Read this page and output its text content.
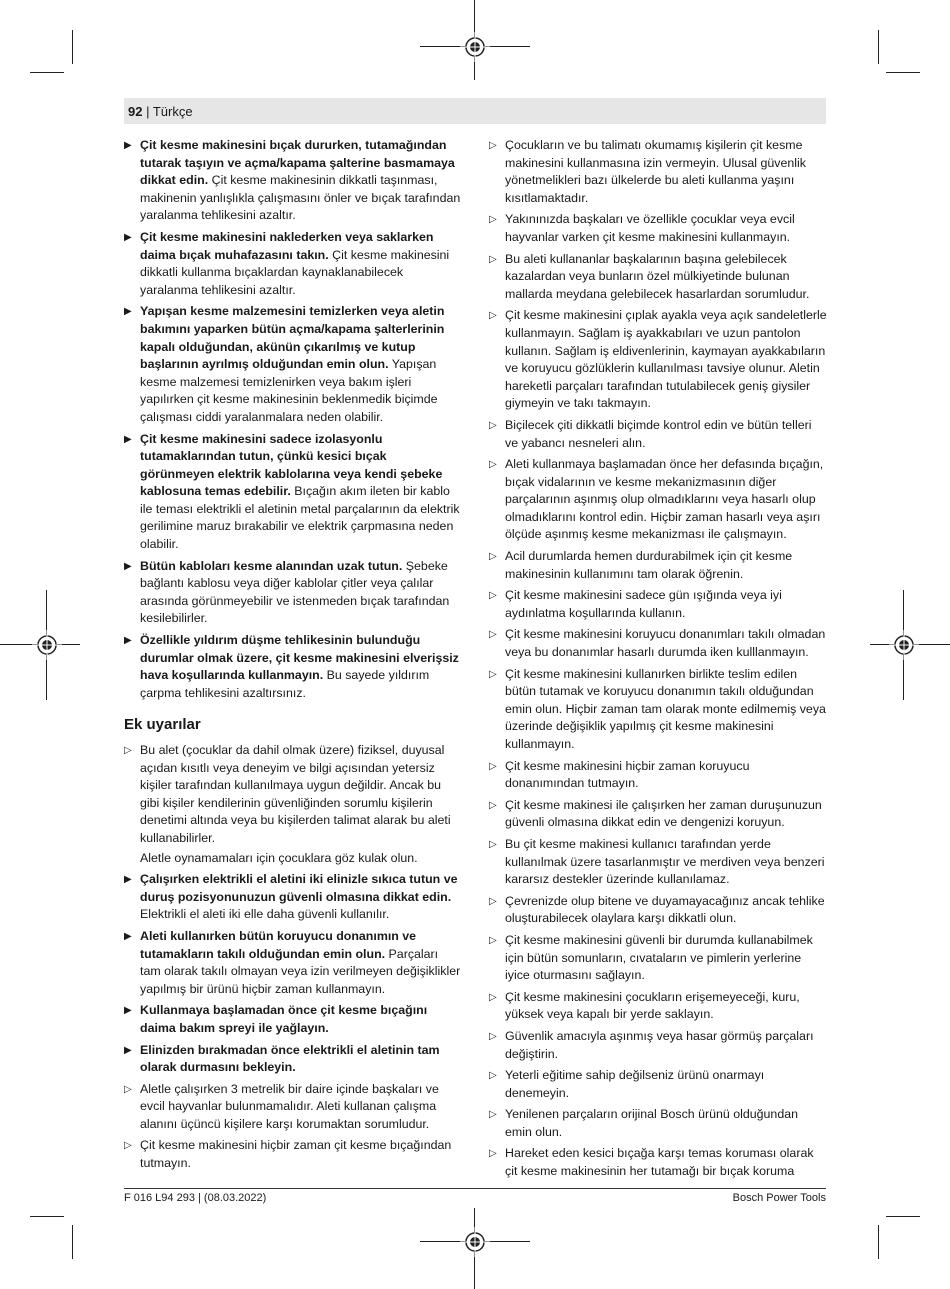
92 | Türkçe
▶ Çit kesme makinesini bıçak dururken, tutamağından tutarak taşıyın ve açma/kapama şalterine basmamaya dikkat edin. Çit kesme makinesinin dikkatli taşınması, makinenin yanlışlıkla çalışmasını önler ve bıçak tarafından yaralanma tehlikesini azaltır.
▶ Çit kesme makinesini naklederken veya saklarken daima bıçak muhafazasını takın. Çit kesme makinesini dikkatli kullanma bıçaklardan kaynaklanabilecek yaralanma tehlikesini azaltır.
▶ Yapışan kesme malzemesini temizlerken veya aletin bakımını yaparken bütün açma/kapama şalterlerinin kapalı olduğundan, akünün çıkarılmış ve kutup başlarının ayrılmış olduğundan emin olun. Yapışan kesme malzemesi temizlenirken veya bakım işleri yapılırken çit kesme makinesinin beklenmedik biçimde çalışması ciddi yaralanmalara neden olabilir.
▶ Çit kesme makinesini sadece izolasyonlu tutamaklarından tutun, çünkü kesici bıçak görünmeyen elektrik kablolarına veya kendi şebeke kablosuna temas edebilir. Bıçağın akım ileten bir kablo ile teması elektrikli el aletinin metal parçalarının da elektrik gerilimine maruz bırakabilir ve elektrik çarpmasına neden olabilir.
▶ Bütün kabloları kesme alanından uzak tutun. Şebeke bağlantı kablosu veya diğer kablolar çitler veya çalılar arasında görünmeyebilir ve istenmeden bıçak tarafından kesilebilirler.
▶ Özellikle yıldırım düşme tehlikesinin bulunduğu durumlar olmak üzere, çit kesme makinesini elverişsiz hava koşullarında kullanmayın. Bu sayede yıldırım çarpma tehlikesini azaltırsınız.
Ek uyarılar
▷ Bu alet (çocuklar da dahil olmak üzere) fiziksel, duyusal açıdan kısıtlı veya deneyim ve bilgi açısından yetersiz kişiler tarafından kullanılmaya uygun değildir. Ancak bu gibi kişiler kendilerinin güvenliğinden sorumlu kişilerin denetimi altında veya bu kişilerden talimat alarak bu aleti kullanabilirler.
Aletle oynamamaları için çocuklara göz kulak olun.
▶ Çalışırken elektrikli el aletini iki elinizle sıkıca tutun ve duruş pozisyonunuzun güvenli olmasına dikkat edin. Elektrikli el aleti iki elle daha güvenli kullanılır.
▶ Aleti kullanırken bütün koruyucu donanımın ve tutamakların takılı olduğundan emin olun. Parçaları tam olarak takılı olmayan veya izin verilmeyen değişiklikler yapılmış bir ürünü hiçbir zaman kullanmayın.
▶ Kullanmaya başlamadan önce çit kesme bıçağını daima bakım spreyi ile yağlayın.
▶ Elinizden bırakmadan önce elektrikli el aletinin tam olarak durmasını bekleyin.
▷ Aletle çalışırken 3 metrelik bir daire içinde başkaları ve evcil hayvanlar bulunmamalıdır. Aleti kullanan çalışma alanını üçüncü kişilere karşı korumaktan sorumludur.
▷ Çit kesme makinesini hiçbir zaman çit kesme bıçağından tutmayın.
▷ Çocukların ve bu talimatı okumamış kişilerin çit kesme makinesini kullanmasına izin vermeyin. Ulusal güvenlik yönetmelikleri bazı ülkelerde bu aleti kullanma yaşını kısıtlamaktadır.
▷ Yakınınızda başkaları ve özellikle çocuklar veya evcil hayvanlar varken çit kesme makinesini kullanmayın.
▷ Bu aleti kullananlar başkalarının başına gelebilecek kazalardan veya bunların özel mülkiyetinde bulunan mallarda meydana gelebilecek hasarlardan sorumludur.
▷ Çit kesme makinesini çıplak ayakla veya açık sandeletlerle kullanmayın. Sağlam iş ayakkabıları ve uzun pantolon kullanın. Sağlam iş eldivenlerinin, kaymayan ayakkabıların ve koruyucu gözlüklerin kullanılması tavsiye olunur. Aletin hareketli parçaları tarafından tutulabilecek geniş giysiler giymeyin ve takı takmayın.
▷ Biçilecek çiti dikkatli biçimde kontrol edin ve bütün telleri ve yabancı nesneleri alın.
▷ Aleti kullanmaya başlamadan önce her defasında bıçağın, bıçak vidalarının ve kesme mekanizmasının diğer parçalarının aşınmış olup olmadıklarını veya hasarlı olup olmadıklarını kontrol edin. Hiçbir zaman hasarlı veya aşırı ölçüde aşınmış kesme mekanizması ile çalışmayın.
▷ Acil durumlarda hemen durdurabilmek için çit kesme makinesinin kullanımını tam olarak öğrenin.
▷ Çit kesme makinesini sadece gün ışığında veya iyi aydınlatma koşullarında kullanın.
▷ Çit kesme makinesini koruyucu donanımları takılı olmadan veya bu donanımlar hasarlı durumda iken kulllanmayın.
▷ Çit kesme makinesini kullanırken birlikte teslim edilen bütün tutamak ve koruyucu donanımın takılı olduğundan emin olun. Hiçbir zaman tam olarak monte edilmemiş veya üzerinde değişiklik yapılmış çit kesme makinesini kullanmayın.
▷ Çit kesme makinesini hiçbir zaman koruyucu donanımından tutmayın.
▷ Çit kesme makinesi ile çalışırken her zaman duruşunuzun güvenli olmasına dikkat edin ve dengenizi koruyun.
▷ Bu çit kesme makinesi kullanıcı tarafından yerde kullanılmak üzere tasarlanmıştır ve merdiven veya benzeri kararsız destekler üzerinde kullanılamaz.
▷ Çevrenizde olup bitene ve duyamayacağınız ancak tehlike oluşturabilecek olaylara karşı dikkatli olun.
▷ Çit kesme makinesini güvenli bir durumda kullanabilmek için bütün somunların, cıvataların ve pimlerin yerlerine iyice oturmasını sağlayın.
▷ Çit kesme makinesini çocukların erişemeyeceği, kuru, yüksek veya kapalı bir yerde saklayın.
▷ Güvenlik amacıyla aşınmış veya hasar görmüş parçaları değiştirin.
▷ Yeterli eğitime sahip değilseniz ürünü onarmayı denemeyin.
▷ Yenilenen parçaların orijinal Bosch ürünü olduğundan emin olun.
▷ Hareket eden kesici bıçağa karşı temas koruması olarak çit kesme makinesinin her tutamağı bir bıçak koruma
F 016 L94 293 | (08.03.2022)	Bosch Power Tools
